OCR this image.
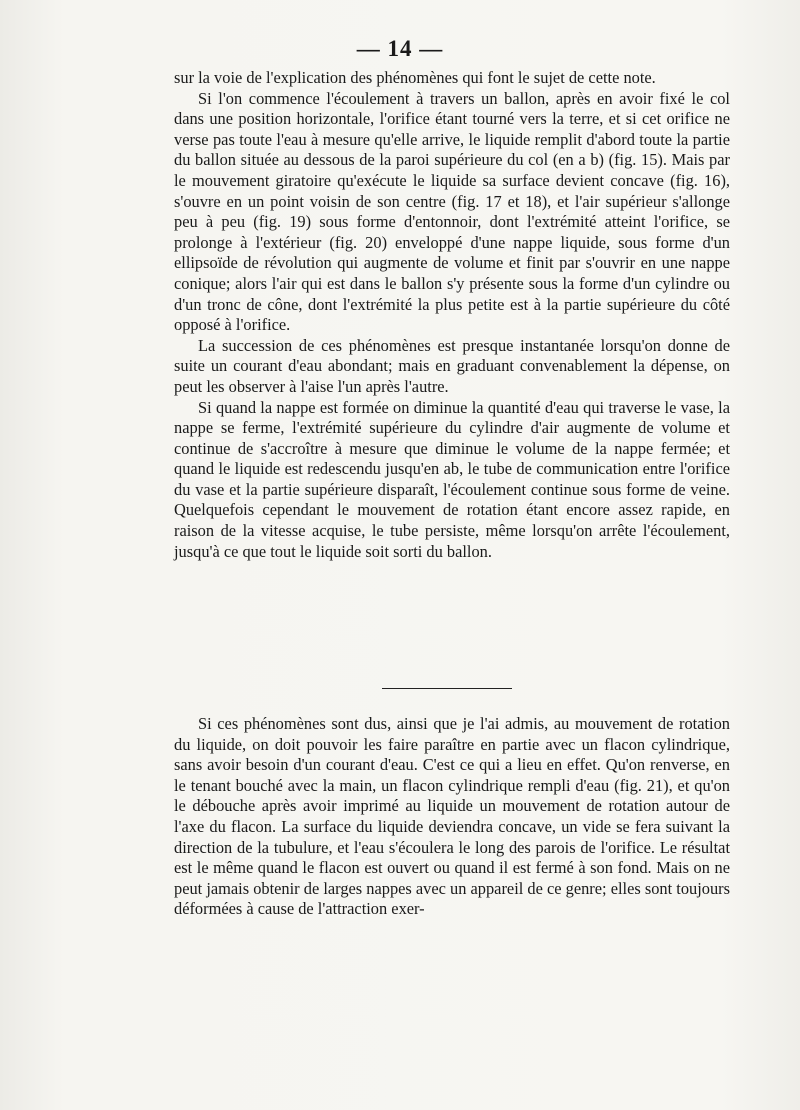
— 14 —

sur la voie de l'explication des phénomènes qui font le sujet de cette note.

Si l'on commence l'écoulement à travers un ballon, après en avoir fixé le col dans une position horizontale, l'orifice étant tourné vers la terre, et si cet orifice ne verse pas toute l'eau à mesure qu'elle arrive, le liquide remplit d'abord toute la partie du ballon située au dessous de la paroi supérieure du col (en a b) (fig. 15). Mais par le mouvement giratoire qu'exécute le liquide sa surface devient concave (fig. 16), s'ouvre en un point voisin de son centre (fig. 17 et 18), et l'air supérieur s'allonge peu à peu (fig. 19) sous forme d'entonnoir, dont l'extrémité atteint l'orifice, se prolonge à l'extérieur (fig. 20) enveloppé d'une nappe liquide, sous forme d'un ellipsoïde de révolution qui augmente de volume et finit par s'ouvrir en une nappe conique; alors l'air qui est dans le ballon s'y présente sous la forme d'un cylindre ou d'un tronc de cône, dont l'extrémité la plus petite est à la partie supérieure du côté opposé à l'orifice.

La succession de ces phénomènes est presque instantanée lorsqu'on donne de suite un courant d'eau abondant; mais en graduant convenablement la dépense, on peut les observer à l'aise l'un après l'autre.

Si quand la nappe est formée on diminue la quantité d'eau qui traverse le vase, la nappe se ferme, l'extrémité supérieure du cylindre d'air augmente de volume et continue de s'accroître à mesure que diminue le volume de la nappe fermée; et quand le liquide est redescendu jusqu'en ab, le tube de communication entre l'orifice du vase et la partie supérieure disparaît, l'écoulement continue sous forme de veine. Quelquefois cependant le mouvement de rotation étant encore assez rapide, en raison de la vitesse acquise, le tube persiste, même lorsqu'on arrête l'écoulement, jusqu'à ce que tout le liquide soit sorti du ballon.

Si ces phénomènes sont dus, ainsi que je l'ai admis, au mouvement de rotation du liquide, on doit pouvoir les faire paraître en partie avec un flacon cylindrique, sans avoir besoin d'un courant d'eau. C'est ce qui a lieu en effet. Qu'on renverse, en le tenant bouché avec la main, un flacon cylindrique rempli d'eau (fig. 21), et qu'on le débouche après avoir imprimé au liquide un mouvement de rotation autour de l'axe du flacon. La surface du liquide deviendra concave, un vide se fera suivant la direction de la tubulure, et l'eau s'écoulera le long des parois de l'orifice. Le résultat est le même quand le flacon est ouvert ou quand il est fermé à son fond. Mais on ne peut jamais obtenir de larges nappes avec un appareil de ce genre; elles sont toujours déformées à cause de l'attraction exer-
